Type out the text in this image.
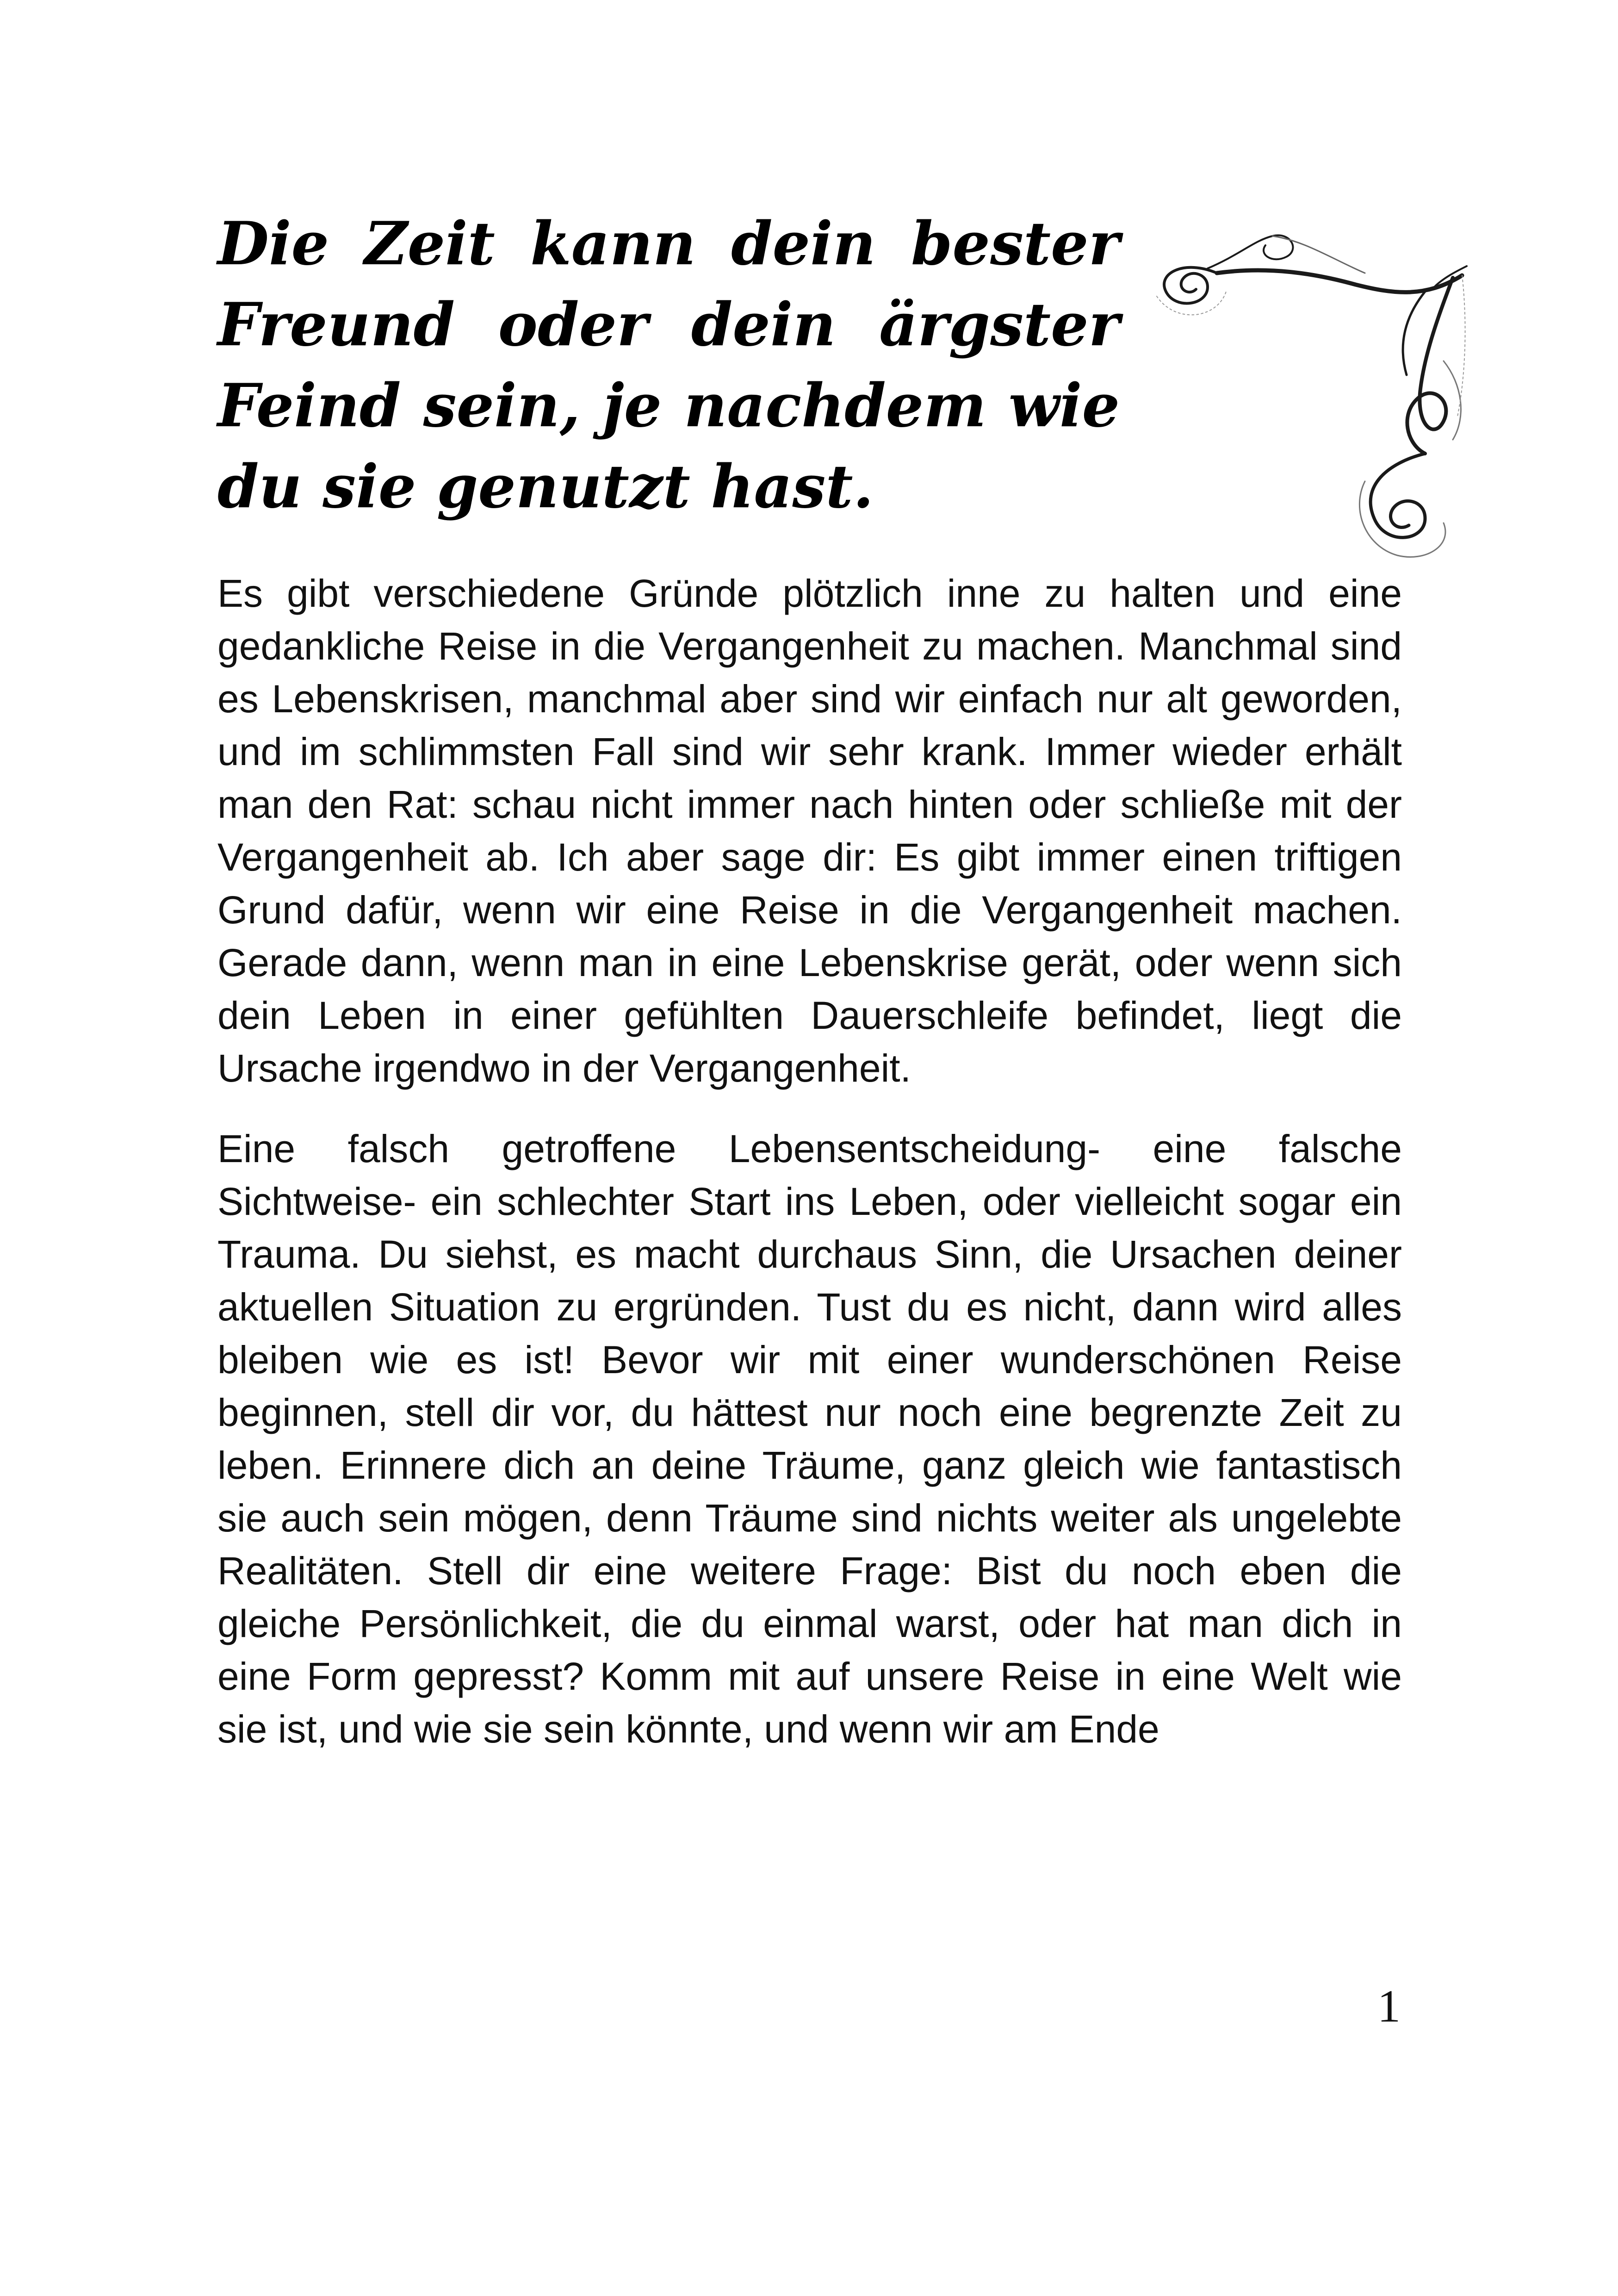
Die Zeit kann dein bester Freund oder dein ärgster Feind sein, je nachdem wie du sie genutzt hast.

Es gibt verschiedene Gründe plötzlich inne zu halten und eine gedankliche Reise in die Vergangenheit zu machen. Manchmal sind es Lebenskrisen, manchmal aber sind wir einfach nur alt geworden, und im schlimmsten Fall sind wir sehr krank. Immer wieder erhält man den Rat: schau nicht immer nach hinten oder schließe mit der Vergangenheit ab. Ich aber sage dir: Es gibt immer einen triftigen Grund dafür, wenn wir eine Reise in die Vergangenheit machen. Gerade dann, wenn man in eine Lebenskrise gerät, oder wenn sich dein Leben in einer gefühlten Dauerschleife befindet, liegt die Ursache irgendwo in der Vergangenheit.

Eine falsch getroffene Lebensentscheidung- eine falsche Sichtweise- ein schlechter Start ins Leben, oder vielleicht sogar ein Trauma. Du siehst, es macht durchaus Sinn, die Ursachen deiner aktuellen Situation zu ergründen. Tust du es nicht, dann wird alles bleiben wie es ist! Bevor wir mit einer wunderschönen Reise beginnen, stell dir vor, du hättest nur noch eine begrenzte Zeit zu leben. Erinnere dich an deine Träume, ganz gleich wie fantastisch sie auch sein mögen, denn Träume sind nichts weiter als ungelebte Realitäten. Stell dir eine weitere Frage: Bist du noch eben die gleiche Persönlichkeit, die du einmal warst, oder hat man dich in eine Form gepresst? Komm mit auf unsere Reise in eine Welt wie sie ist, und wie sie sein könnte, und wenn wir am Ende

1
